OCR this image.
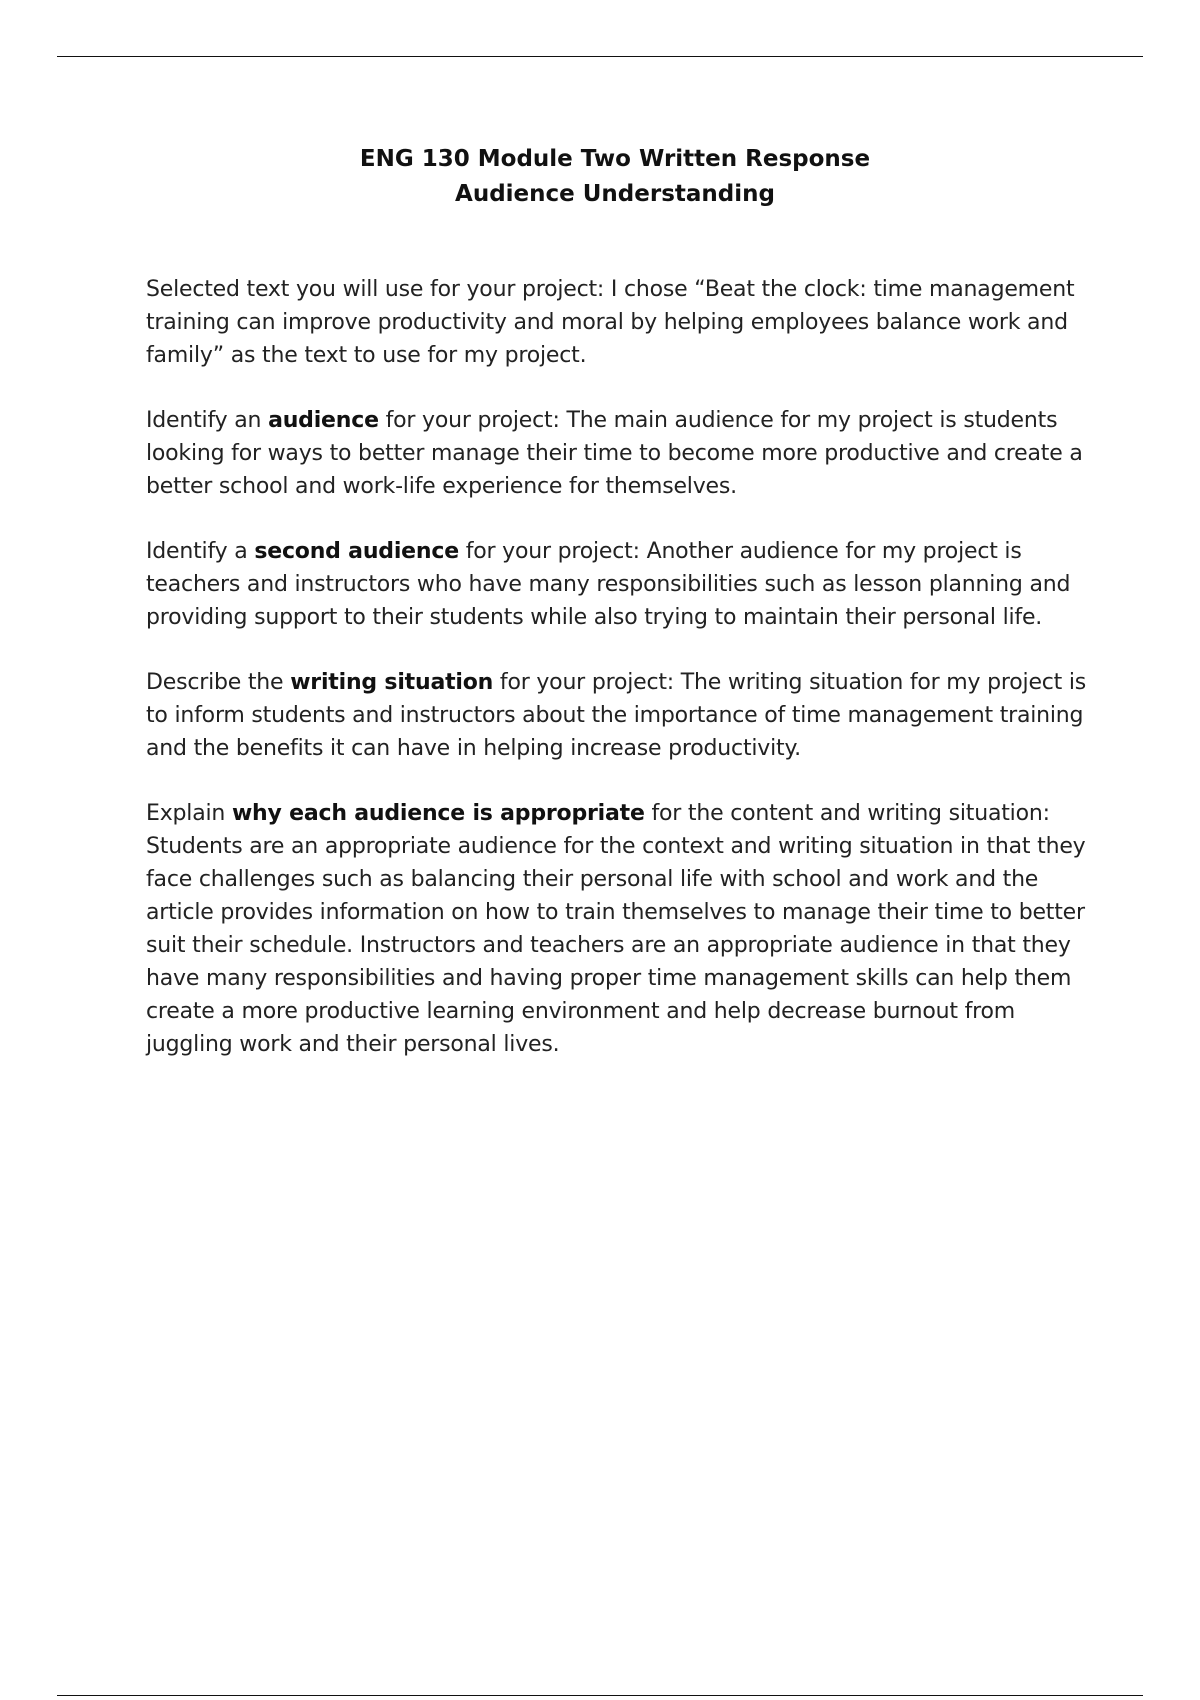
ENG 130 Module Two Written Response
Audience Understanding

Selected text you will use for your project: I chose “Beat the clock: time management training can improve productivity and moral by helping employees balance work and family” as the text to use for my project.

Identify an audience for your project: The main audience for my project is students looking for ways to better manage their time to become more productive and create a better school and work-life experience for themselves.

Identify a second audience for your project: Another audience for my project is teachers and instructors who have many responsibilities such as lesson planning and providing support to their students while also trying to maintain their personal life.

Describe the writing situation for your project: The writing situation for my project is to inform students and instructors about the importance of time management training and the benefits it can have in helping increase productivity.

Explain why each audience is appropriate for the content and writing situation: Students are an appropriate audience for the context and writing situation in that they face challenges such as balancing their personal life with school and work and the article provides information on how to train themselves to manage their time to better suit their schedule. Instructors and teachers are an appropriate audience in that they have many responsibilities and having proper time management skills can help them create a more productive learning environment and help decrease burnout from juggling work and their personal lives.
